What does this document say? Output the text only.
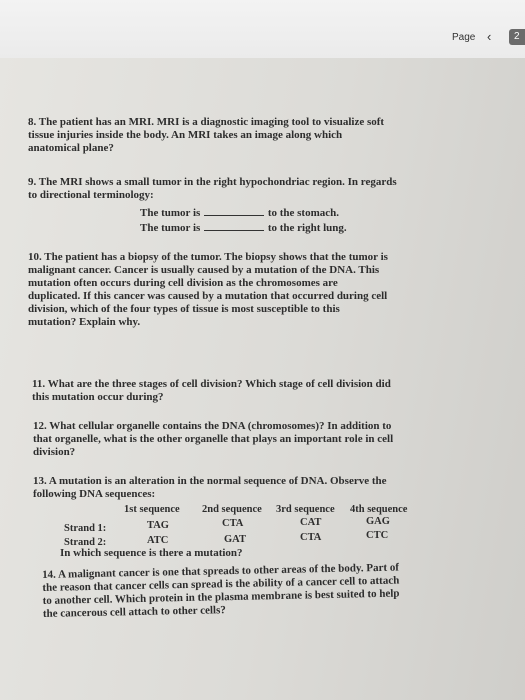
Page ‹	2
8. The patient has an MRI. MRI is a diagnostic imaging tool to visualize soft
tissue injuries inside the body. An MRI takes an image along which
anatomical plane?
9. The MRI shows a small tumor in the right hypochondriac region. In regards
to directional terminology:
The tumor is	to the stomach.
The tumor is	to the right lung.
10. The patient has a biopsy of the tumor. The biopsy shows that the tumor is
malignant cancer. Cancer is usually caused by a mutation of the DNA. This
mutation often occurs during cell division as the chromosomes are
duplicated. If this cancer was caused by a mutation that occurred during cell
division, which of the four types of tissue is most susceptible to this
mutation? Explain why.
11. What are the three stages of cell division? Which stage of cell division did
this mutation occur during?
12. What cellular organelle contains the DNA (chromosomes)? In addition to
that organelle, what is the other organelle that plays an important role in cell
division?
13. A mutation is an alteration in the normal sequence of DNA. Observe the
following DNA sequences:
1st sequence 2nd sequence 3rd sequence 4th sequence
Strand 1:	TAG	CTA	CAT	GAG
Strand 2:	ATC	GAT	CTA	CTC
In which sequence is there a mutation?
14. A malignant cancer is one that spreads to other areas of the body. Part of
the reason that cancer cells can spread is the ability of a cancer cell to attach
to another cell. Which protein in the plasma membrane is best suited to help
the cancerous cell attach to other cells?
